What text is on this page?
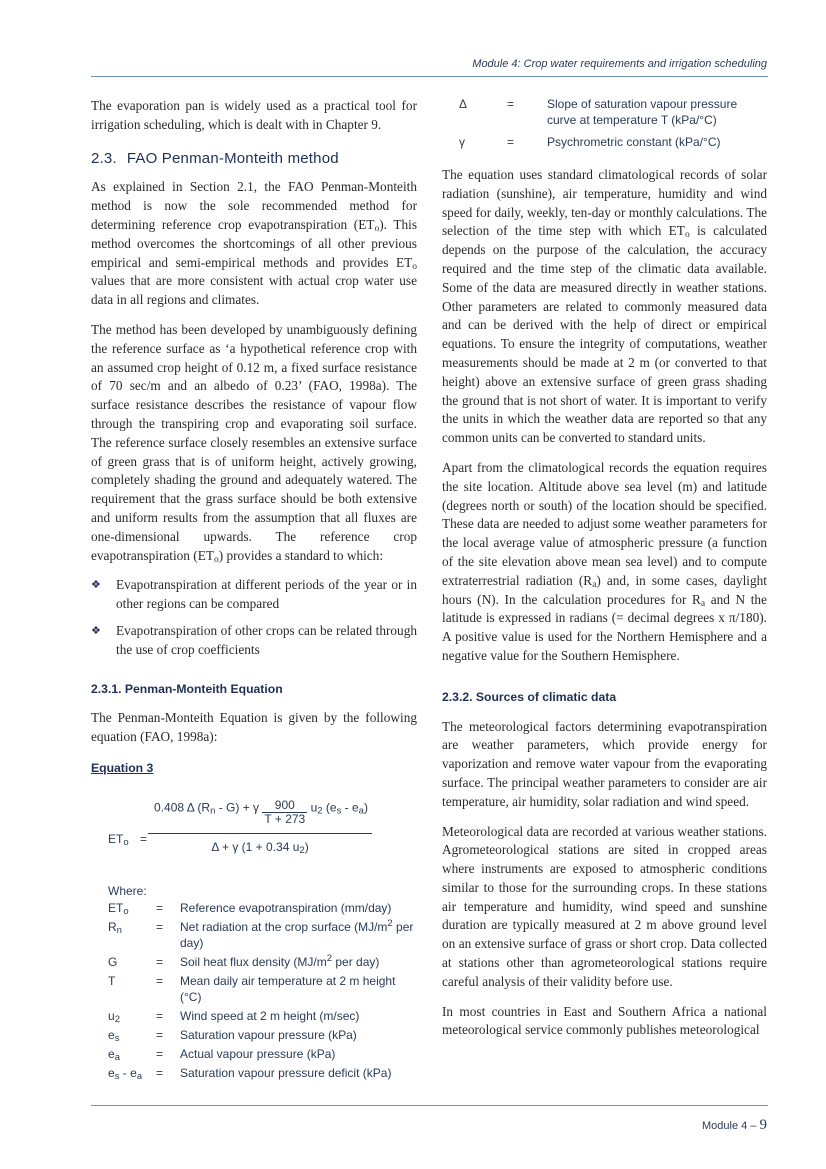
Module 4: Crop water requirements and irrigation scheduling

The evaporation pan is widely used as a practical tool for irrigation scheduling, which is dealt with in Chapter 9.

2.3. FAO Penman-Monteith method

As explained in Section 2.1, the FAO Penman-Monteith method is now the sole recommended method for determining reference crop evapotranspiration $(ET_o)$. This method overcomes the shortcomings of all other previous empirical and semi-empirical methods and provides $ET_o$ values that are more consistent with actual crop water use data in all regions and climates.

The method has been developed by unambiguously defining the reference surface as ‘a hypothetical reference crop with an assumed crop height of 0.12 m, a fixed surface resistance of 70 sec/m and an albedo of 0.23’ (FAO, 1998a). The surface resistance describes the resistance of vapour flow through the transpiring crop and evaporating soil surface. The reference surface closely resembles an extensive surface of green grass that is of uniform height, actively growing, completely shading the ground and adequately watered. The requirement that the grass surface should be both extensive and uniform results from the assumption that all fluxes are one-dimensional upwards. The reference crop evapotranspiration $(ET_o)$ provides a standard to which:

❖ Evapotranspiration at different periods of the year or in other regions can be compared
❖ Evapotranspiration of other crops can be related through the use of crop coefficients
2.3.1. Penman-Monteith Equation

The Penman-Monteith Equation is given by the following equation (FAO, 1998a):

Equation 3
$ET_o$ =
0.408 Δ $(R_n - G) + \gamma \frac{900}{T + 273} u_2$ $(e_s - e_a)$
Δ + γ (1 + 0.34 $u_2$)
Where:
$ET_o$	=	Reference evapotranspiration (mm/day)
$R_n$	=	Net radiation at the crop surface ($MJ/m^2$ per day)
G	=	Soil heat flux density ($MJ/m^2$ per day)
T	=	Mean daily air temperature at 2 m height (°C)
$u_2$	=	Wind speed at 2 m height (m/sec)
$e_s$	=	Saturation vapour pressure (kPa)
$e_a$	=	Actual vapour pressure (kPa)
$e_s - e_a$	=	Saturation vapour pressure deficit (kPa)
Δ	=	Slope of saturation vapour pressure curve at temperature T (kPa/°C)
γ	=	Psychrometric constant (kPa/°C)

The equation uses standard climatological records of solar radiation (sunshine), air temperature, humidity and wind speed for daily, weekly, ten-day or monthly calculations. The selection of the time step with which $ET_o$ is calculated depends on the purpose of the calculation, the accuracy required and the time step of the climatic data available. Some of the data are measured directly in weather stations. Other parameters are related to commonly measured data and can be derived with the help of direct or empirical equations. To ensure the integrity of computations, weather measurements should be made at 2 m (or converted to that height) above an extensive surface of green grass shading the ground that is not short of water. It is important to verify the units in which the weather data are reported so that any common units can be converted to standard units.

Apart from the climatological records the equation requires the site location. Altitude above sea level (m) and latitude (degrees north or south) of the location should be specified. These data are needed to adjust some weather parameters for the local average value of atmospheric pressure (a function of the site elevation above mean sea level) and to compute extraterrestrial radiation $(R_a)$ and, in some cases, daylight hours (N). In the calculation procedures for $R_a$ and N the latitude is expressed in radians (= decimal degrees x π/180). A positive value is used for the Northern Hemisphere and a negative value for the Southern Hemisphere.

2.3.2. Sources of climatic data

The meteorological factors determining evapotranspiration are weather parameters, which provide energy for vaporization and remove water vapour from the evaporating surface. The principal weather parameters to consider are air temperature, air humidity, solar radiation and wind speed.

Meteorological data are recorded at various weather stations. Agrometeorological stations are sited in cropped areas where instruments are exposed to atmospheric conditions similar to those for the surrounding crops. In these stations air temperature and humidity, wind speed and sunshine duration are typically measured at 2 m above ground level on an extensive surface of grass or short crop. Data collected at stations other than agrometeorological stations require careful analysis of their validity before use.

In most countries in East and Southern Africa a national meteorological service commonly publishes meteorological

Module 4 – 9
